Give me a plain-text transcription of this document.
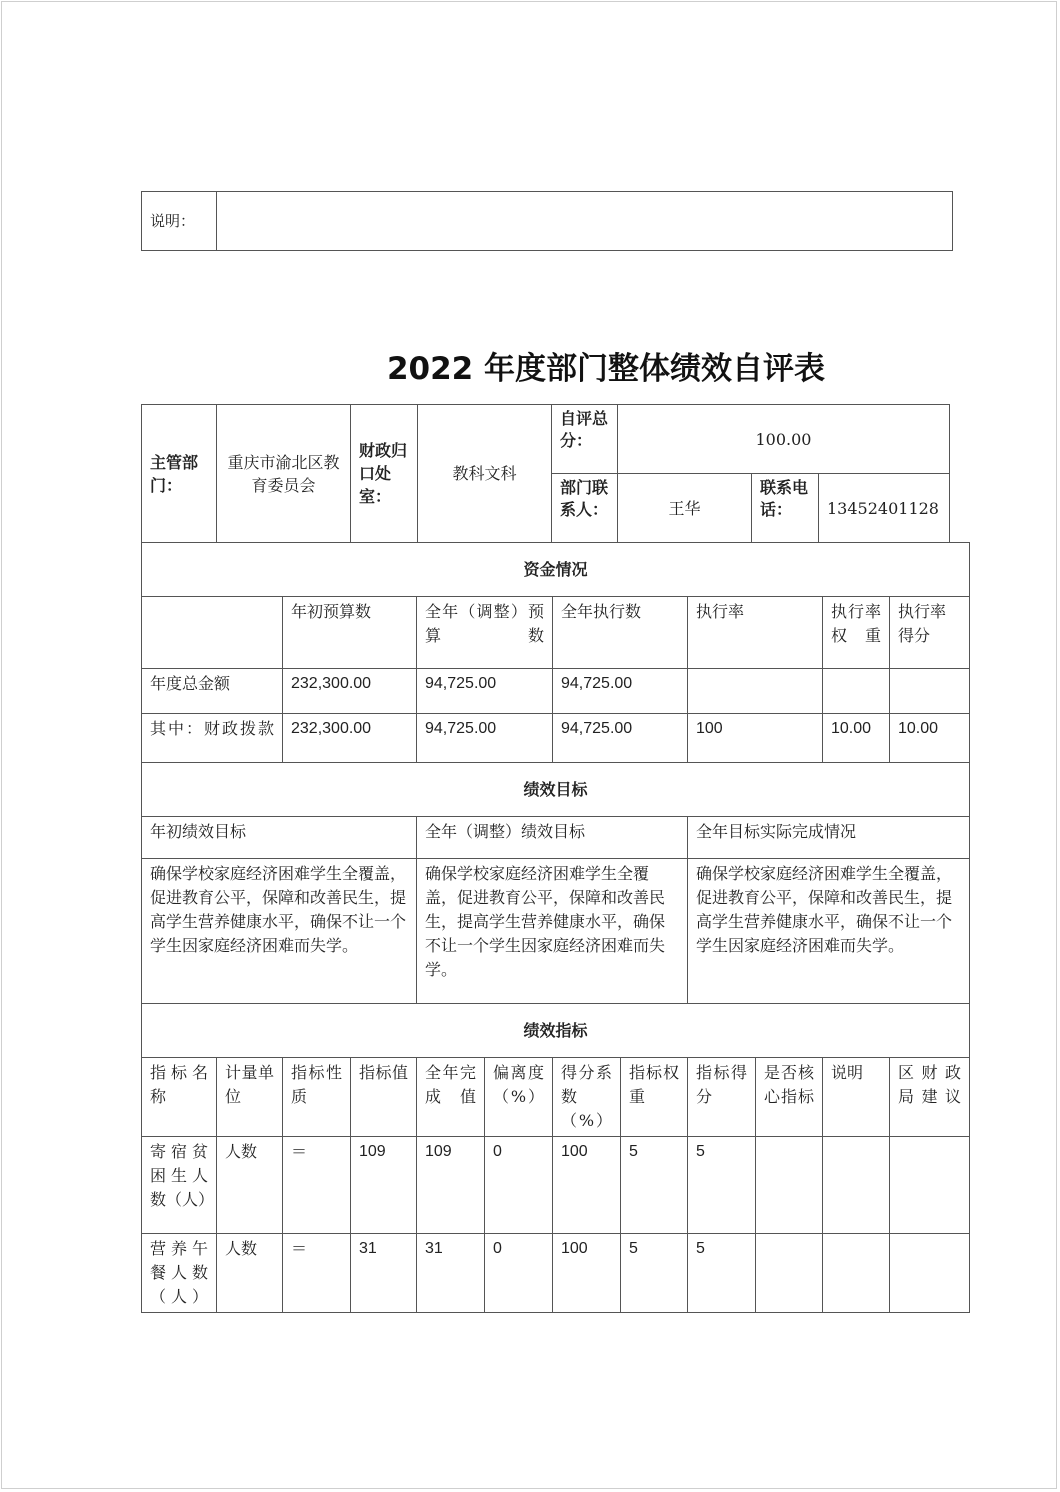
说明：	
2022 年度部门整体绩效自评表
主管部门：	重庆市渝北区教育委员会	财政归口处室：	教科文科	自评总分：	100.00		
				部门联系人：	王华	联系电话：	13452401128
资金情况											
		年初预算数		全年（调整）预算数		全年执行数		执行率		执行率权重	执行率得分
年度总金额		232,300.00		94,725.00		94,725.00					
其中：财政拨款		232,300.00		94,725.00		94,725.00		100		10.00	10.00
绩效目标											
年初绩效目标				全年（调整）绩效目标				全年目标实际完成情况			
确保学校家庭经济困难学生全覆盖，促进教育公平，保障和改善民生，提高学生营养健康水平，确保不让一个学生因家庭经济困难而失学。				确保学校家庭经济困难学生全覆盖，促进教育公平，保障和改善民生，提高学生营养健康水平，确保不让一个学生因家庭经济困难而失学。				确保学校家庭经济困难学生全覆盖，促进教育公平，保障和改善民生，提高学生营养健康水平，确保不让一个学生因家庭经济困难而失学。			
绩效指标											
指标名称	计量单位	指标性质	指标值	全年完成值	偏离度（%）	得分系数（%）	指标权重	指标得分	是否核心指标	说明	区财政局建议
寄宿贫困生人数（人）	人数	＝	109	109	0	100	5	5			
营养午餐人数（人）	人数	＝	31	31	0	100	5	5			
